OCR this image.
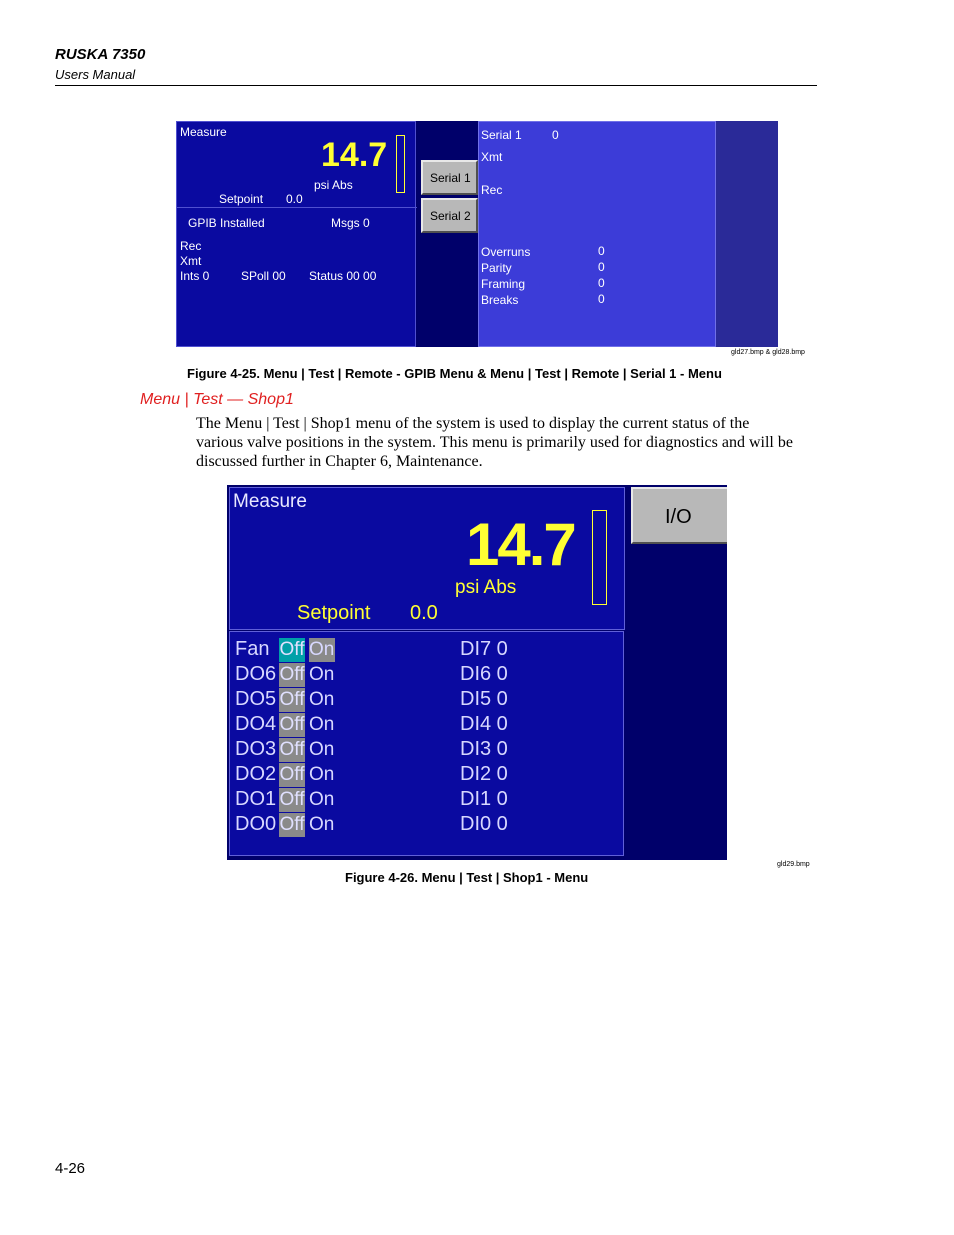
RUSKA 7350
Users Manual
Measure
14.7
psi Abs
Setpoint 0.0
GPIB Installed	Msgs 0
Rec
Xmt
Ints 0	SPoll 00 Status 00 00
Serial 1
Serial 2
Serial 1	0
Xmt
Rec
Overruns	0
Parity	0
Framing	0
Breaks	0
gld27.bmp & gld28.bmp
Figure 4-25. Menu | Test | Remote - GPIB Menu & Menu | Test | Remote | Serial 1 - Menu
Menu | Test — Shop1
The Menu | Test | Shop1 menu of the system is used to display the current status of the various valve positions in the system. This menu is primarily used for diagnostics and will be discussed further in Chapter 6, Maintenance.
Measure
14.7
psi Abs
Setpoint 0.0
I/O
Fan Off On	DI7 0
DO6 Off On	DI6 0
DO5 Off On	DI5 0
DO4 Off On	DI4 0
DO3 Off On	DI3 0
DO2 Off On	DI2 0
DO1 Off On	DI1 0
DO0 Off On	DI0 0
gld29.bmp
Figure 4-26. Menu | Test | Shop1 - Menu
4-26
